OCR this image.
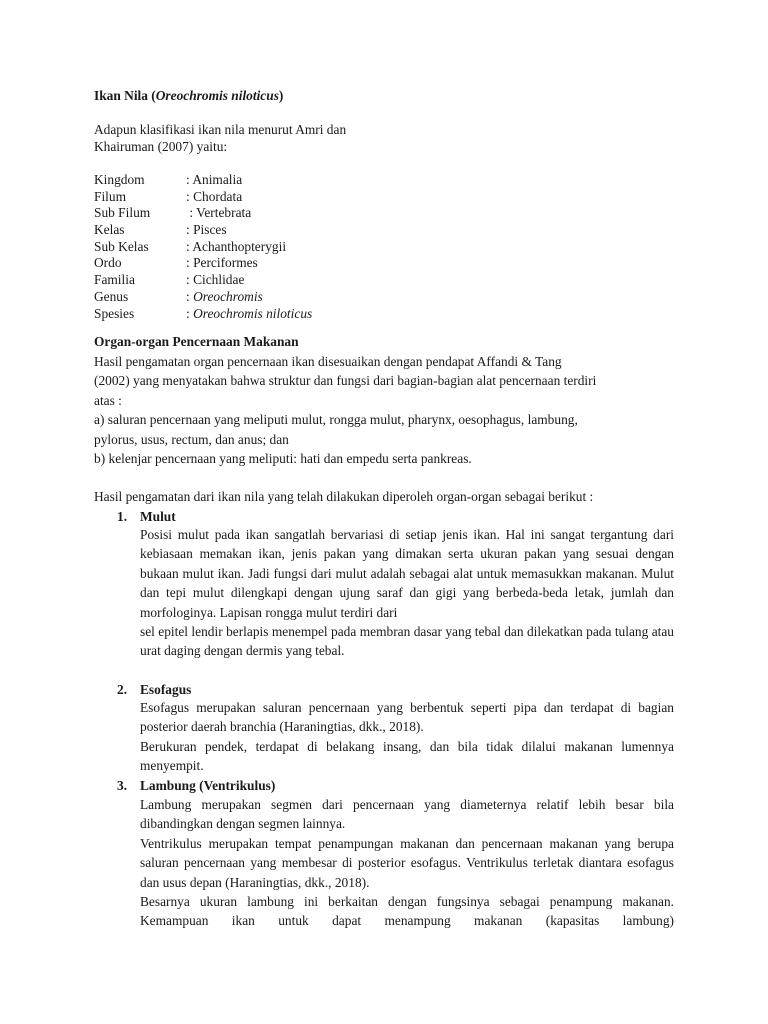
Ikan Nila (Oreochromis niloticus)
Adapun klasifikasi ikan nila menurut Amri dan
Khairuman (2007) yaitu:
Kingdom	: Animalia
Filum	: Chordata
Sub Filum	: Vertebrata
Kelas	: Pisces
Sub Kelas	: Achanthopterygii
Ordo	: Perciformes
Familia	: Cichlidae
Genus	: Oreochromis
Spesies	: Oreochromis niloticus
Organ-organ Pencernaan Makanan
Hasil pengamatan organ pencernaan ikan disesuaikan dengan pendapat Affandi & Tang
(2002) yang menyatakan bahwa struktur dan fungsi dari bagian-bagian alat pencernaan terdiri
atas :
a) saluran pencernaan yang meliputi mulut, rongga mulut, pharynx, oesophagus, lambung,
pylorus, usus, rectum, dan anus; dan
b) kelenjar pencernaan yang meliputi: hati dan empedu serta pankreas.
Hasil pengamatan dari ikan nila yang telah dilakukan diperoleh organ-organ sebagai berikut :
1. Mulut

Posisi mulut pada ikan sangatlah bervariasi di setiap jenis ikan. Hal ini sangat tergantung dari kebiasaan memakan ikan, jenis pakan yang dimakan serta ukuran pakan yang sesuai dengan bukaan mulut ikan. Jadi fungsi dari mulut adalah sebagai alat untuk memasukkan makanan. Mulut dan tepi mulut dilengkapi dengan ujung saraf dan gigi yang berbeda-beda letak, jumlah dan morfologinya. Lapisan rongga mulut terdiri dari

sel epitel lendir berlapis menempel pada membran dasar yang tebal dan dilekatkan pada tulang atau urat daging dengan dermis yang tebal.

2. Esofagus

Esofagus merupakan saluran pencernaan yang berbentuk seperti pipa dan terdapat di bagian posterior daerah branchia (Haraningtias, dkk., 2018).

Berukuran pendek, terdapat di belakang insang, dan bila tidak dilalui makanan lumennya menyempit.

3. Lambung (Ventrikulus)

Lambung merupakan segmen dari pencernaan yang diameternya relatif lebih besar bila dibandingkan dengan segmen lainnya.

Ventrikulus merupakan tempat penampungan makanan dan pencernaan makanan yang berupa saluran pencernaan yang membesar di posterior esofagus. Ventrikulus terletak diantara esofagus dan usus depan (Haraningtias, dkk., 2018).

Besarnya ukuran lambung ini berkaitan dengan fungsinya sebagai penampung makanan. Kemampuan ikan untuk dapat menampung makanan (kapasitas lambung)
